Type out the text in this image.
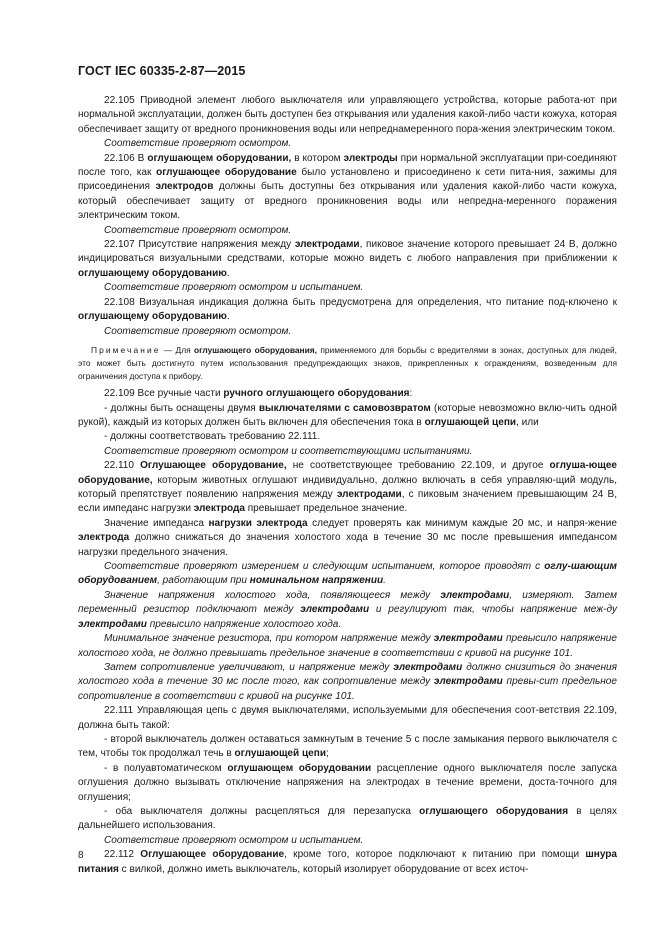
ГОСТ IEC 60335-2-87—2015

22.105 Приводной элемент любого выключателя или управляющего устройства, которые работа-ют при нормальной эксплуатации, должен быть доступен без открывания или удаления какой-либо части кожуха, которая обеспечивает защиту от вредного проникновения воды или непреднамеренного пора-жения электрическим током.

Соответствие проверяют осмотром.

22.106 В оглушающем оборудовании, в котором электроды при нормальной эксплуатации при-соединяют после того, как оглушающее оборудование было установлено и присоединено к сети пита-ния, зажимы для присоединения электродов должны быть доступны без открывания или удаления какой-либо части кожуха, который обеспечивает защиту от вредного проникновения воды или непредна-меренного поражения электрическим током.

Соответствие проверяют осмотром.

22.107 Присутствие напряжения между электродами, пиковое значение которого превышает 24 В, должно индицироваться визуальными средствами, которые можно видеть с любого направления при приближении к оглушающему оборудованию.

Соответствие проверяют осмотром и испытанием.

22.108 Визуальная индикация должна быть предусмотрена для определения, что питание под-ключено к оглушающему оборудованию.

Соответствие проверяют осмотром.

Примечание — Для оглушающего оборудования, применяемого для борьбы с вредителями в зонах, доступных для людей, это может быть достигнуто путем использования предупреждающих знаков, прикрепленных к ограждениям, возведенным для ограничения доступа к прибору.

22.109 Все ручные части ручного оглушающего оборудования:

- должны быть оснащены двумя выключателями с самовозвратом (которые невозможно вклю-чить одной рукой), каждый из которых должен быть включен для обеспечения тока в оглушающей цепи, или

- должны соответствовать требованию 22.111.

Соответствие проверяют осмотром и соответствующими испытаниями.

22.110 Оглушающее оборудование, не соответствующее требованию 22.109, и другое оглуша-ющее оборудование, которым животных оглушают индивидуально, должно включать в себя управляю-щий модуль, который препятствует появлению напряжения между электродами, с пиковым значением превышающим 24 В, если импеданс нагрузки электрода превышает предельное значение.

Значение импеданса нагрузки электрода следует проверять как минимум каждые 20 мс, и напря-жение электрода должно снижаться до значения холостого хода в течение 30 мс после превышения импедансом нагрузки предельного значения.

Соответствие проверяют измерением и следующим испытанием, которое проводят с оглу-шающим оборудованием, работающим при номинальном напряжении.

Значение напряжения холостого хода, появляющееся между электродами, измеряют. Затем переменный резистор подключают между электродами и регулируют так, чтобы напряжение меж-ду электродами превысило напряжение холостого хода.

Минимальное значение резистора, при котором напряжение между электродами превысило напряжение холостого хода, не должно превышать предельное значение в соответствии с кривой на рисунке 101.

Затем сопротивление увеличивают, и напряжение между электродами должно снизиться до значения холостого хода в течение 30 мс после того, как сопротивление между электродами превы-сит предельное сопротивление в соответствии с кривой на рисунке 101.

22.111 Управляющая цепь с двумя выключателями, используемыми для обеспечения соот-ветствия 22.109, должна быть такой:

- второй выключатель должен оставаться замкнутым в течение 5 с после замыкания первого выключателя с тем, чтобы ток продолжал течь в оглушающей цепи;

- в полуавтоматическом оглушающем оборудовании расцепление одного выключателя после запуска оглушения должно вызывать отключение напряжения на электродах в течение времени, доста-точного для оглушения;

- оба выключателя должны расцепляться для перезапуска оглушающего оборудования в целях дальнейшего использования.

Соответствие проверяют осмотром и испытанием.

22.112 Оглушающее оборудование, кроме того, которое подключают к питанию при помощи шнура питания с вилкой, должно иметь выключатель, который изолирует оборудование от всех источ-

8
